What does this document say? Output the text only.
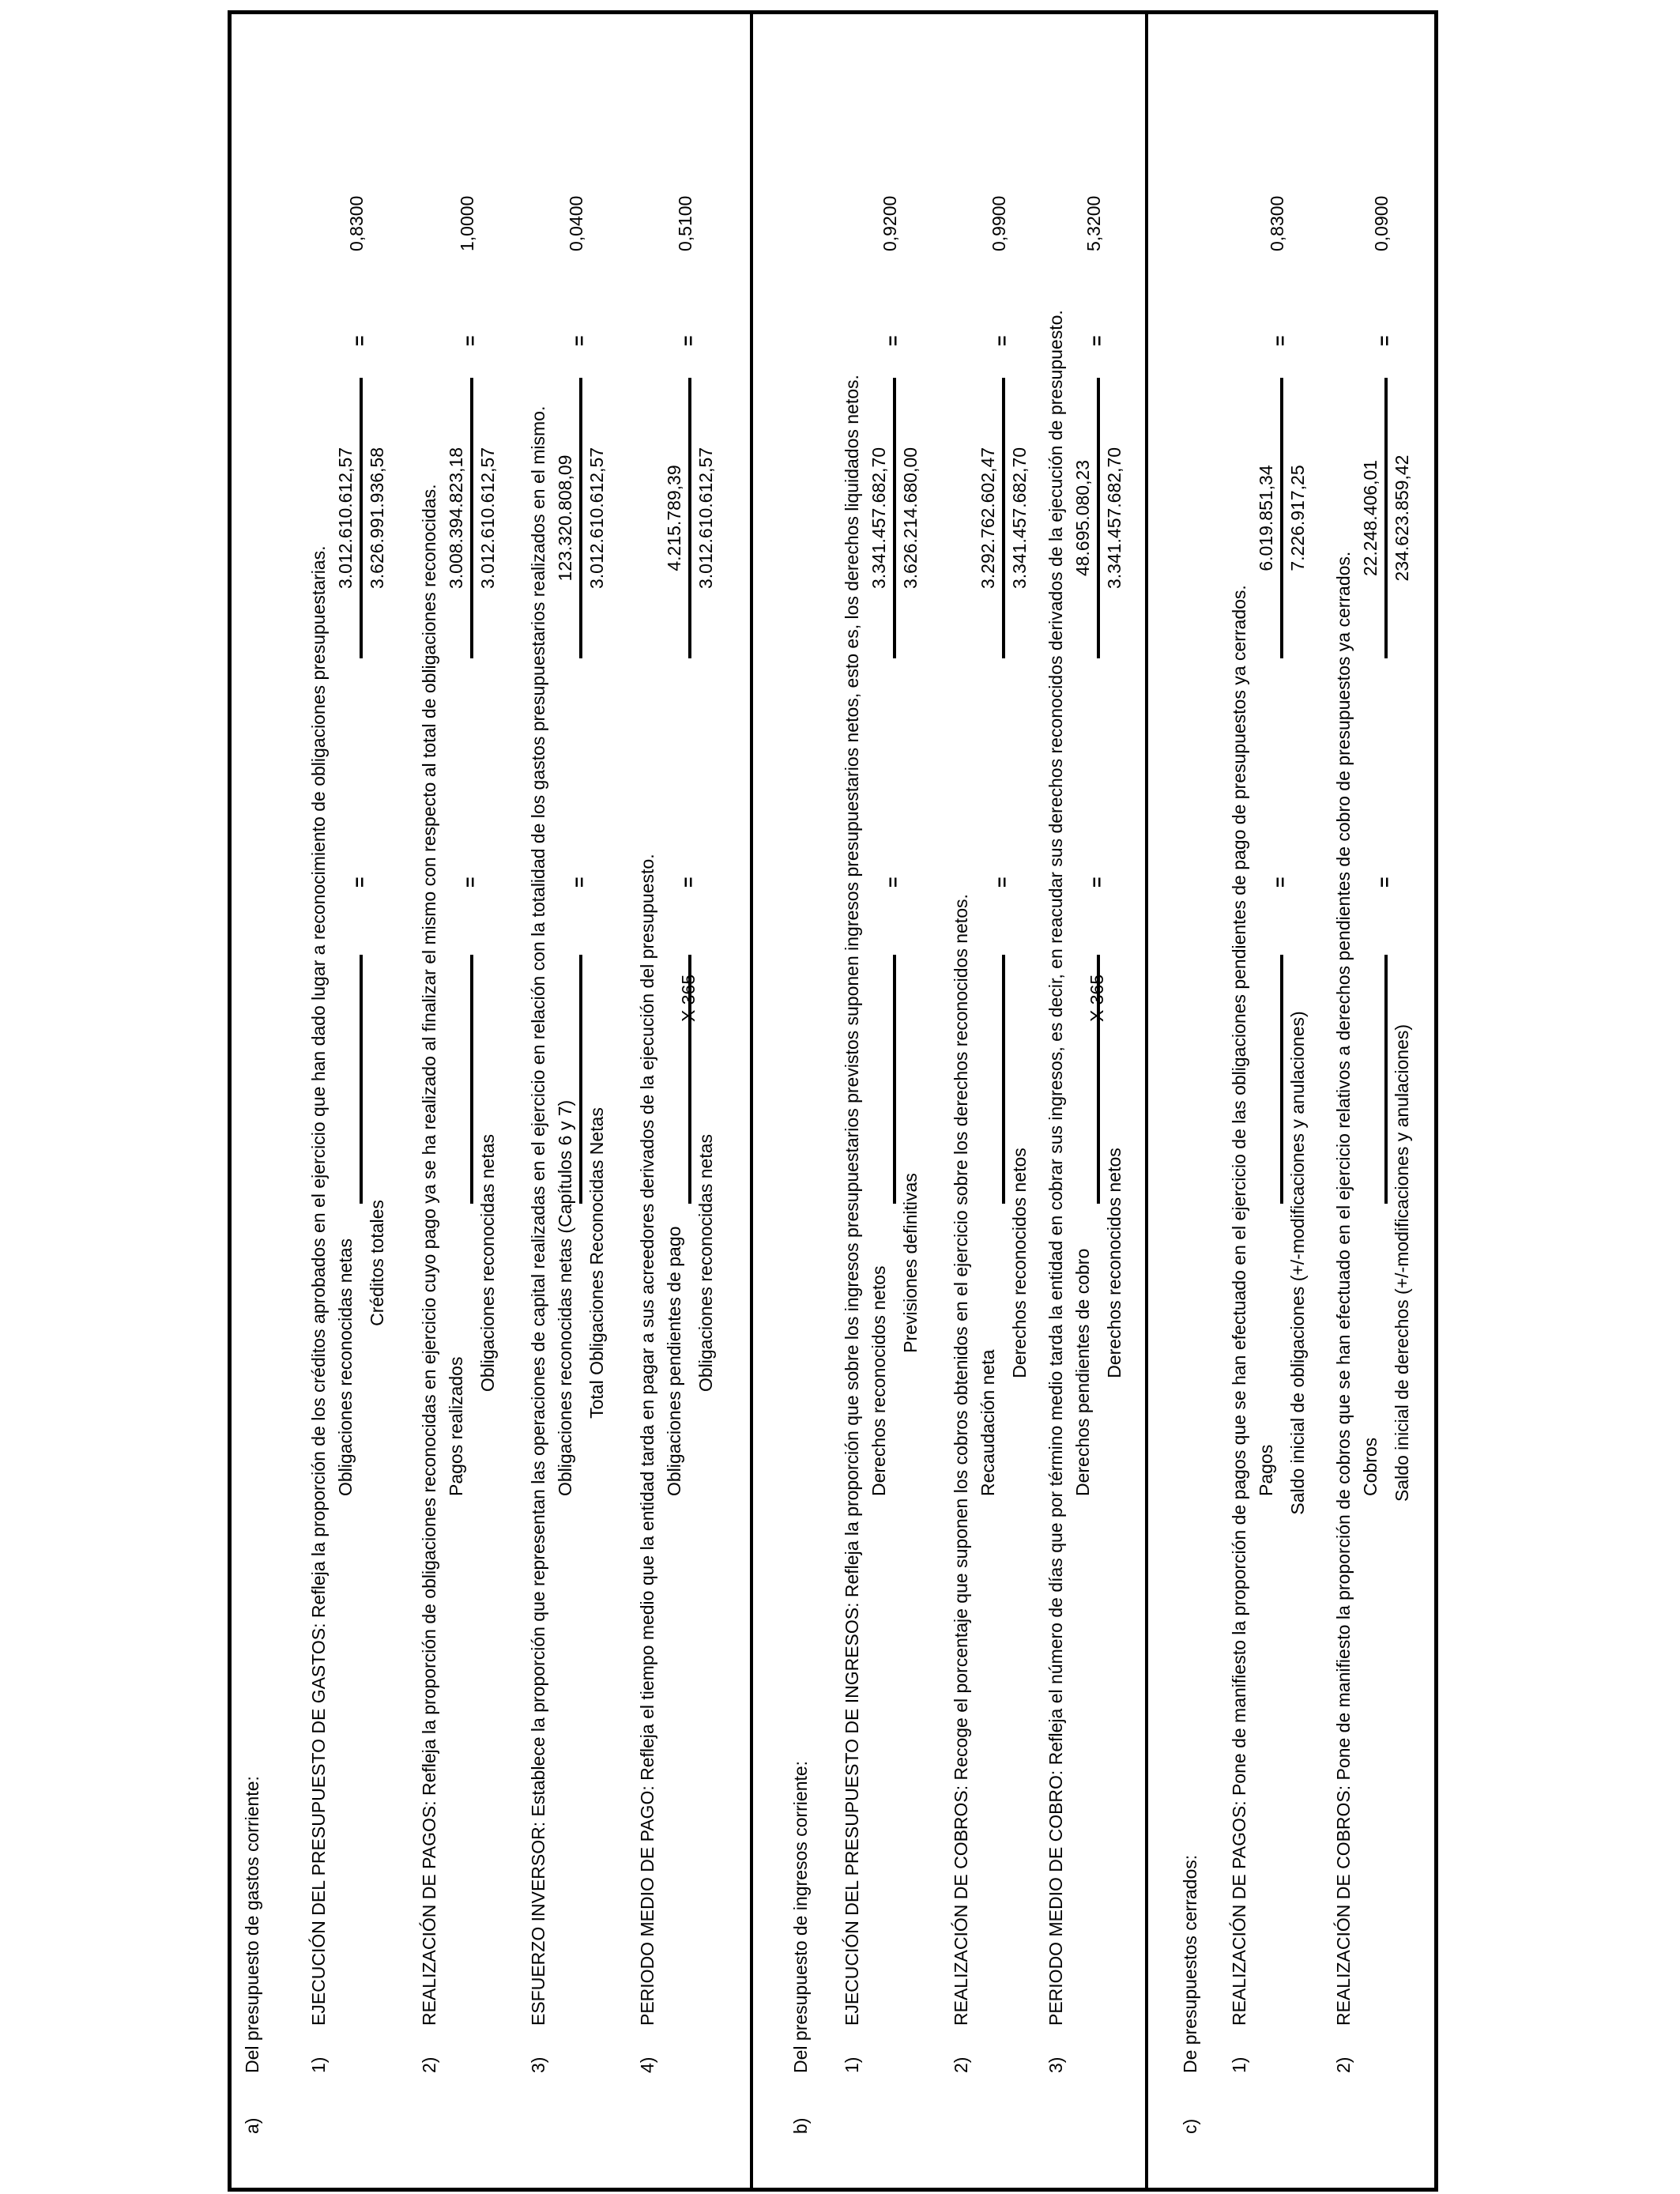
a)
Del presupuesto de gastos corriente:	1)
EJECUCIÓN DEL PRESUPUESTO DE GASTOS: Refleja la proporción de los créditos aprobados en el ejercicio que han dado lugar a reconocimiento de obligaciones presupuestarias. Obligaciones reconocidas netas Créditos totales
=
3.012.610.612,57 3.626.991.936,58
=
0,8300
2)
REALIZACIÓN DE PAGOS: Refleja la proporción de obligaciones reconocidas en ejercicio cuyo pago ya se ha realizado al finalizar el mismo con respecto al total de obligaciones reconocidas. Pagos realizados
Obligaciones reconocidas netas
=
3.008.394.823,18 3.012.610.612,57
=
1,0000
3)
ESFUERZO INVERSOR: Establece la proporción que representan las operaciones de capital realizadas en el ejercicio en relación con la totalidad de los gastos presupuestarios realizados en el mismo. Obligaciones reconocidas netas (Capítulos 6 y 7) Total Obligaciones Reconocidas Netas
=
123.320.808,09 3.012.610.612,57
=
0,0400
4)
PERIODO MEDIO DE PAGO: Refleja el tiempo medio que la entidad tarda en pagar a sus acreedores derivados de la ejecución del presupuesto. Obligaciones pendientes de pago Obligaciones reconocidas netas
X 365
=
4.215.789,39 3.012.610.612,57
=
0,5100
b)
Del presupuesto de ingresos corriente: 1)
EJECUCIÓN DEL PRESUPUESTO DE INGRESOS: Refleja la proporción que sobre los ingresos presupuestarios previstos suponen ingresos presupuestarios netos, esto es, los derechos liquidados netos. Derechos reconocidos netos
Previsiones definitivas
=
3.341.457.682,70 3.626.214.680,00
=
0,9200
2)
REALIZACIÓN DE COBROS: Recoge el porcentaje que suponen los cobros obtenidos en el ejercicio sobre los derechos reconocidos netos. Recaudación neta
Derechos reconocidos netos
=
3.292.762.602,47 3.341.457.682,70
=
0,9900
3)
PERIODO MEDIO DE COBRO: Refleja el número de días que por término medio tarda la entidad en cobrar sus ingresos, es decir, en reacudar sus derechos reconocidos derivados de la ejecución de presupuesto. Derechos pendientes de cobro Derechos reconocidos netos
X 365
=
48.695.080,23 3.341.457.682,70
=
5,3200
c)
De presupuestos cerrados: 1)
REALIZACIÓN DE PAGOS: Pone de manifiesto la proporción de pagos que se han efectuado en el ejercicio de las obligaciones pendientes de pago de presupuestos ya cerrados. Pagos Saldo inicial de obligaciones (+/-modificaciones y anulaciones)
=
6.019.851,34 7.226.917,25
=
0,8300
2)
REALIZACIÓN DE COBROS: Pone de manifiesto la proporción de cobros que se han efectuado en el ejercicio relativos a derechos pendientes de cobro de presupuestos ya cerrados. Cobros Saldo inicial de derechos (+/-modificaciones y anulaciones)
=
22.248.406,01 234.623.859,42
=
0,0900
